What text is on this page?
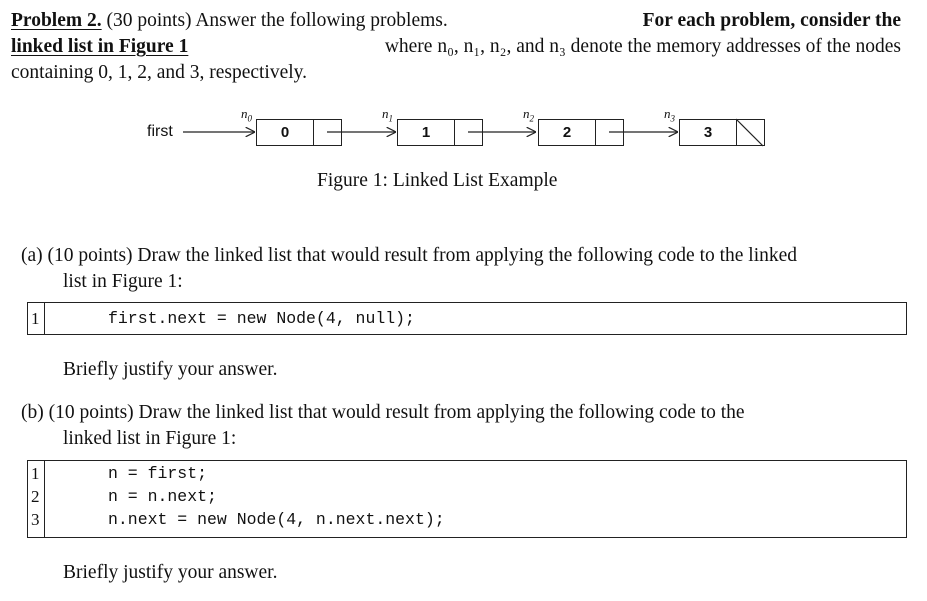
Problem 2. (30 points) Answer the following problems.	For each problem, consider the
linked list in Figure 1	where n₀, n₁, n₂, and n₃ denote the memory addresses of the nodes
containing 0, 1, 2, and 3, respectively.
first
$n_0$
0
$n_1$
1
$n_2$
2
$n_3$
3
Figure 1: Linked List Example
(a) (10 points) Draw the linked list that would result from applying the following code to the linked
list in Figure 1:
1	first.next = new Node(4, null);
Briefly justify your answer.
(b) (10 points) Draw the linked list that would result from applying the following code to the
linked list in Figure 1:
1	n = first;
2	n = n.next;
3	n.next = new Node(4, n.next.next);
Briefly justify your answer.
